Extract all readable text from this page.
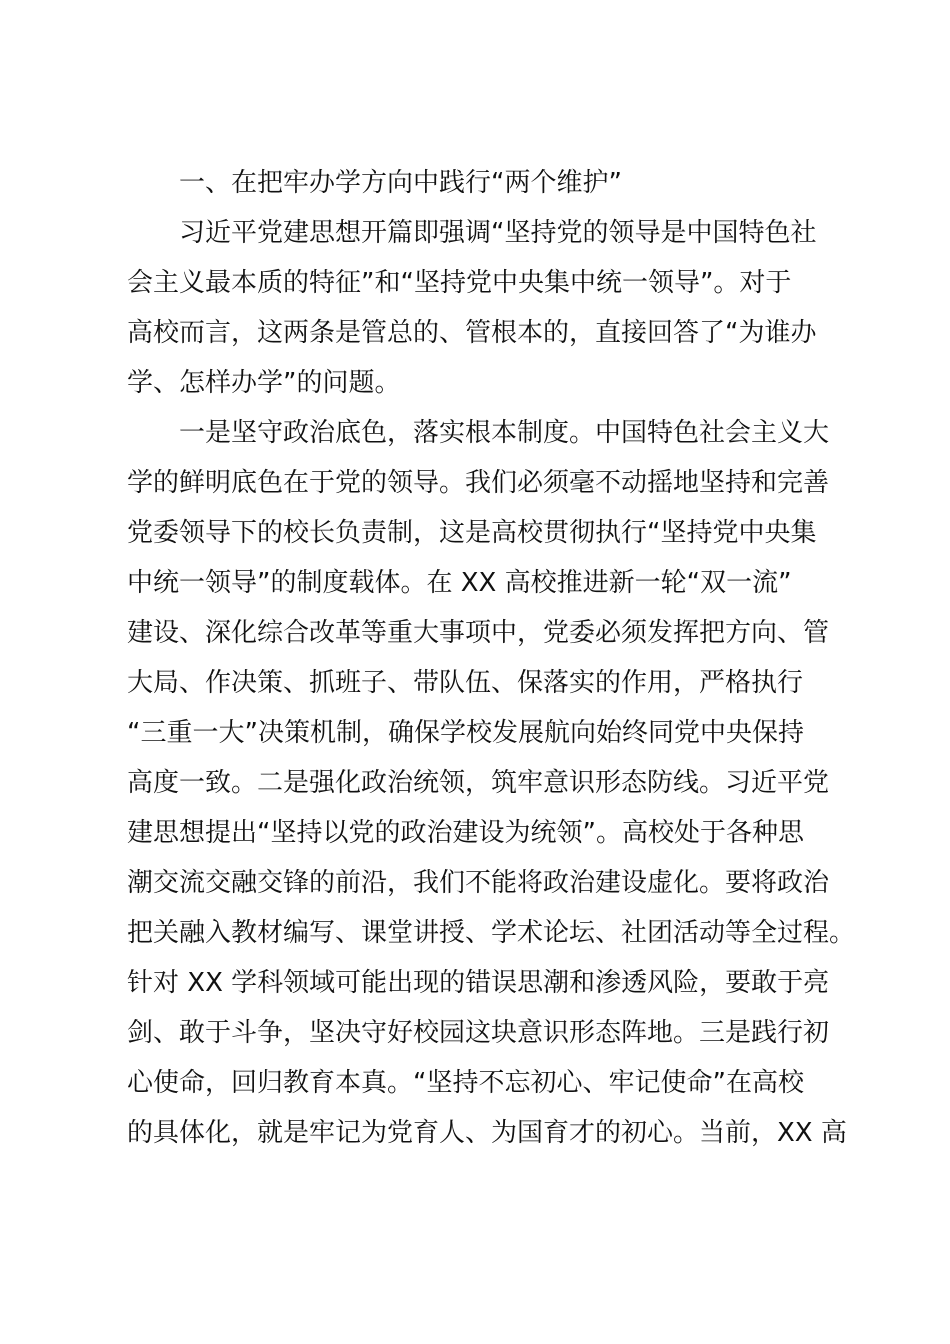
一、在把牢办学方向中践行“两个维护”
习近平党建思想开篇即强调“坚持党的领导是中国特色社
会主义最本质的特征”和“坚持党中央集中统一领导”。对于
高校而言，这两条是管总的、管根本的，直接回答了“为谁办
学、怎样办学”的问题。
一是坚守政治底色，落实根本制度。中国特色社会主义大
学的鲜明底色在于党的领导。我们必须毫不动摇地坚持和完善
党委领导下的校长负责制，这是高校贯彻执行“坚持党中央集
中统一领导”的制度载体。在 XX 高校推进新一轮“双一流”
建设、深化综合改革等重大事项中，党委必须发挥把方向、管
大局、作决策、抓班子、带队伍、保落实的作用，严格执行
“三重一大”决策机制，确保学校发展航向始终同党中央保持
高度一致。二是强化政治统领，筑牢意识形态防线。习近平党
建思想提出“坚持以党的政治建设为统领”。高校处于各种思
潮交流交融交锋的前沿，我们不能将政治建设虚化。要将政治
把关融入教材编写、课堂讲授、学术论坛、社团活动等全过程。
针对 XX 学科领域可能出现的错误思潮和渗透风险，要敢于亮
剑、敢于斗争，坚决守好校园这块意识形态阵地。三是践行初
心使命，回归教育本真。“坚持不忘初心、牢记使命”在高校
的具体化，就是牢记为党育人、为国育才的初心。当前，XX 高
